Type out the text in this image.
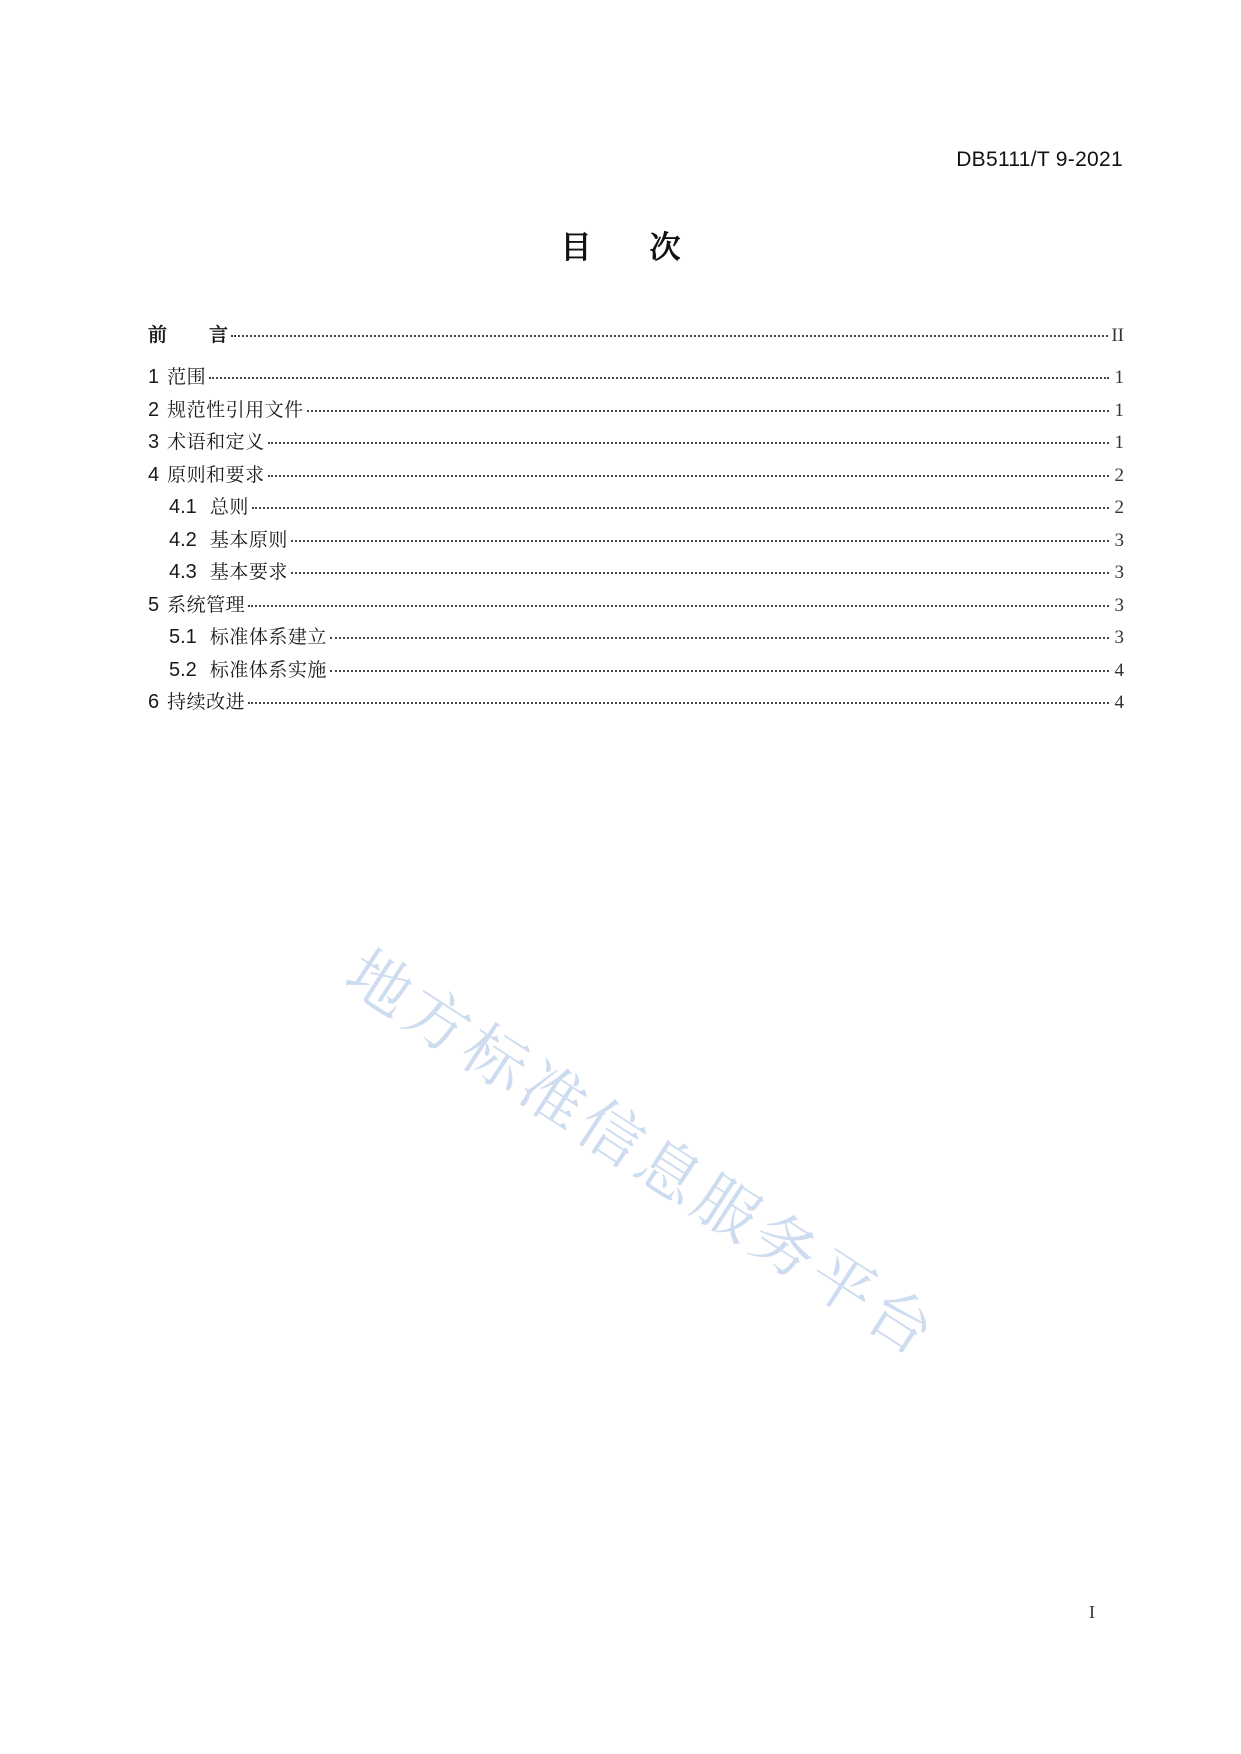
DB5111/T 9-2021
目 次
前 言	II
1 范围	1
2 规范性引用文件	1
3 术语和定义	1
4 原则和要求	2
4.1 总则	2
4.2 基本原则	3
4.3 基本要求	3
5 系统管理	3
5.1 标准体系建立	3
5.2 标准体系实施	4
6 持续改进	4
地方标准信息服务平台
I
